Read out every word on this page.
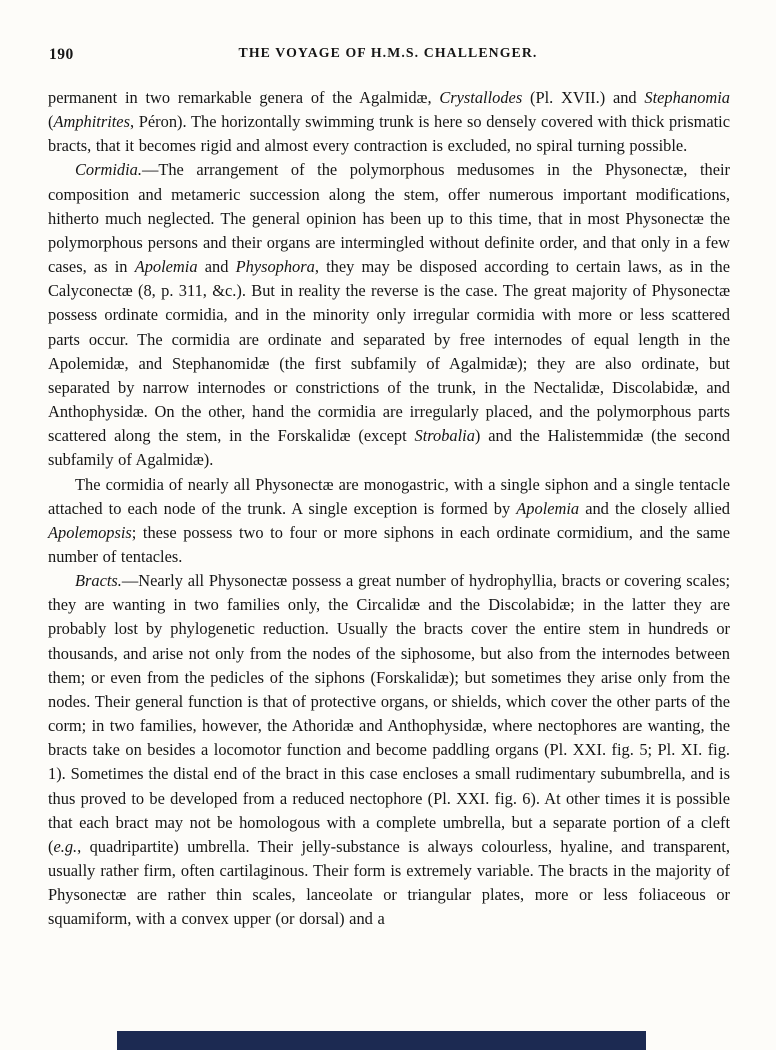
190	THE VOYAGE OF H.M.S. CHALLENGER.

permanent in two remarkable genera of the Agalmidæ, Crystallodes (Pl. XVII.) and Stephanomia (Amphitrites, Péron). The horizontally swimming trunk is here so densely covered with thick prismatic bracts, that it becomes rigid and almost every contraction is excluded, no spiral turning possible.

Cormidia.—The arrangement of the polymorphous medusomes in the Physonectæ, their composition and metameric succession along the stem, offer numerous important modifications, hitherto much neglected. The general opinion has been up to this time, that in most Physonectæ the polymorphous persons and their organs are intermingled without definite order, and that only in a few cases, as in Apolemia and Physophora, they may be disposed according to certain laws, as in the Calyconectæ (8, p. 311, &c.). But in reality the reverse is the case. The great majority of Physonectæ possess ordinate cormidia, and in the minority only irregular cormidia with more or less scattered parts occur. The cormidia are ordinate and separated by free internodes of equal length in the Apolemidæ, and Stephanomidæ (the first subfamily of Agalmidæ); they are also ordinate, but separated by narrow internodes or constrictions of the trunk, in the Nectalidæ, Discolabidæ, and Anthophysidæ. On the other, hand the cormidia are irregularly placed, and the polymorphous parts scattered along the stem, in the Forskalidæ (except Strobalia) and the Halistemmidæ (the second subfamily of Agalmidæ).

The cormidia of nearly all Physonectæ are monogastric, with a single siphon and a single tentacle attached to each node of the trunk. A single exception is formed by Apolemia and the closely allied Apolemopsis; these possess two to four or more siphons in each ordinate cormidium, and the same number of tentacles.

Bracts.—Nearly all Physonectæ possess a great number of hydrophyllia, bracts or covering scales; they are wanting in two families only, the Circalidæ and the Discolabidæ; in the latter they are probably lost by phylogenetic reduction. Usually the bracts cover the entire stem in hundreds or thousands, and arise not only from the nodes of the siphosome, but also from the internodes between them; or even from the pedicles of the siphons (Forskalidæ); but sometimes they arise only from the nodes. Their general function is that of protective organs, or shields, which cover the other parts of the corm; in two families, however, the Athoridæ and Anthophysidæ, where nectophores are wanting, the bracts take on besides a locomotor function and become paddling organs (Pl. XXI. fig. 5; Pl. XI. fig. 1). Sometimes the distal end of the bract in this case encloses a small rudimentary subumbrella, and is thus proved to be developed from a reduced nectophore (Pl. XXI. fig. 6). At other times it is possible that each bract may not be homologous with a complete umbrella, but a separate portion of a cleft (e.g., quadripartite) umbrella. Their jelly-substance is always colourless, hyaline, and transparent, usually rather firm, often cartilaginous. Their form is extremely variable. The bracts in the majority of Physonectæ are rather thin scales, lanceolate or triangular plates, more or less foliaceous or squamiform, with a convex upper (or dorsal) and a
